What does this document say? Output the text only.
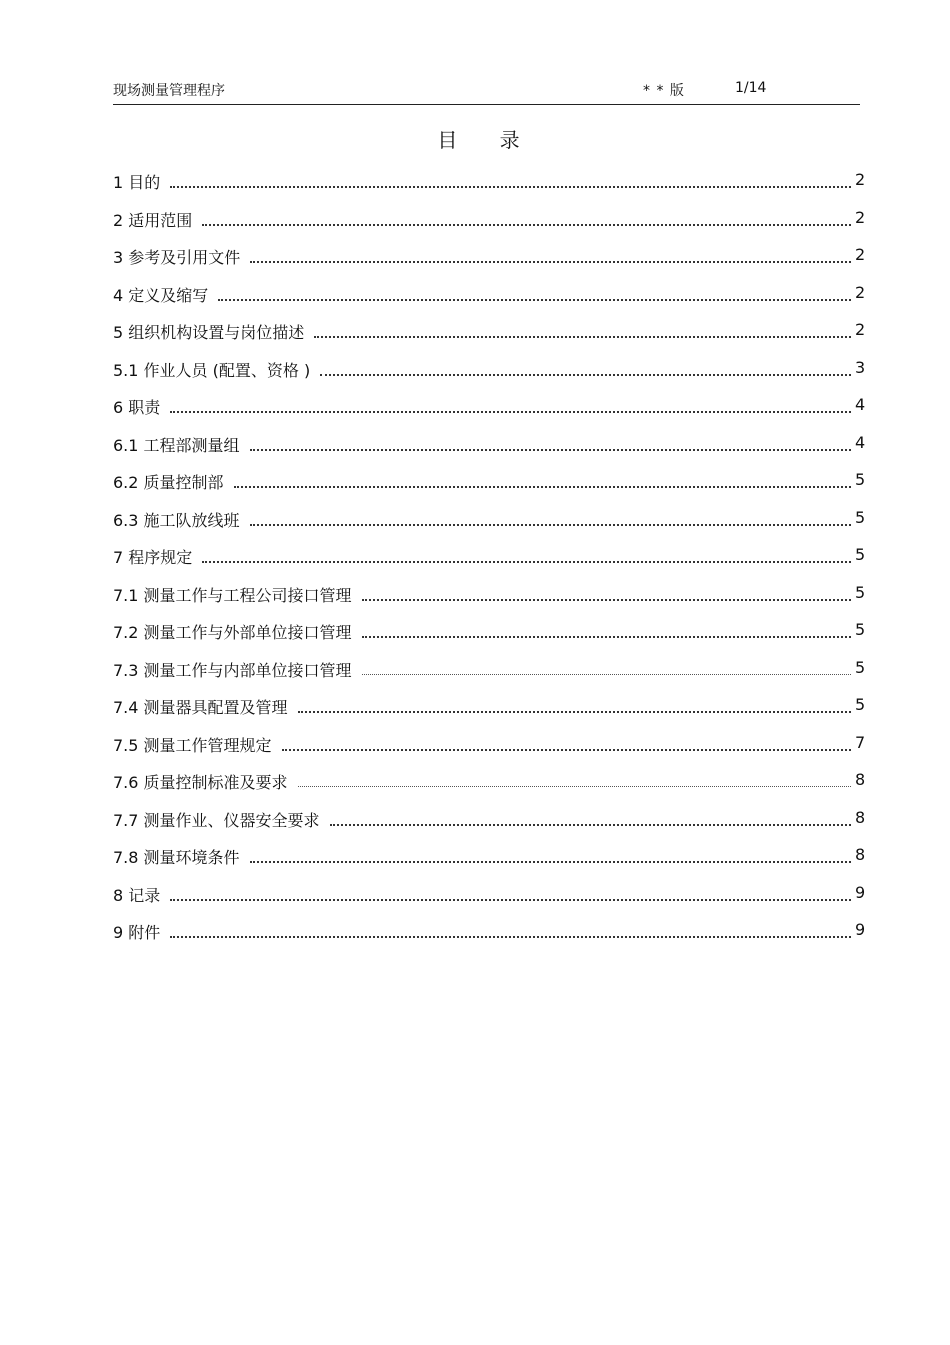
现场测量管理程序	* * 版	1/14
目 录
1 目的	2
2 适用范围	2
3 参考及引用文件	2
4 定义及缩写	2
5 组织机构设置与岗位描述	2
5.1 作业人员 (配置、资格 )	3
6 职责	4
6.1 工程部测量组	4
6.2 质量控制部	5
6.3 施工队放线班	5
7 程序规定	5
7.1 测量工作与工程公司接口管理	5
7.2 测量工作与外部单位接口管理	5
7.3 测量工作与内部单位接口管理	5
7.4 测量器具配置及管理	5
7.5 测量工作管理规定	7
7.6 质量控制标准及要求	8
7.7 测量作业、仪器安全要求	8
7.8 测量环境条件	8
8 记录	9
9 附件	9
